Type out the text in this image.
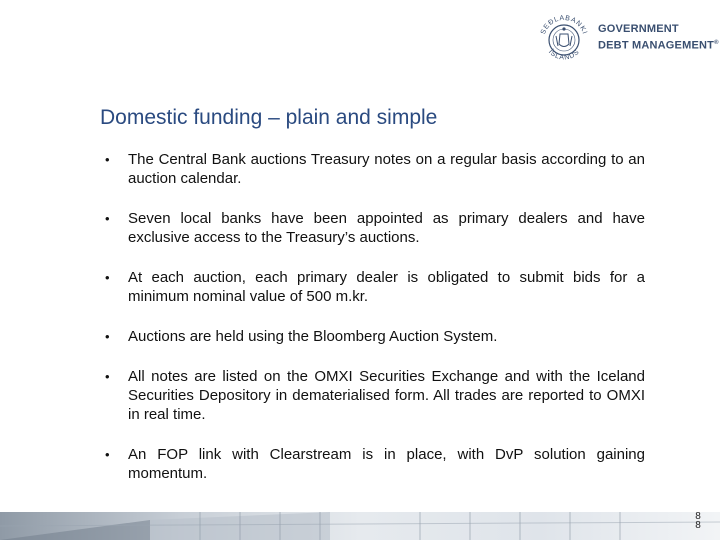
SEÐLABANKI
ÍSLANDS
GOVERNMENT
DEBT MANAGEMENT®
Domestic funding – plain and simple
• The Central Bank auctions Treasury notes on a regular basis according to an auction calendar.
• Seven local banks have been appointed as primary dealers and have exclusive access to the Treasury’s auctions.
• At each auction, each primary dealer is obligated to submit bids for a minimum nominal value of 500 m.kr.
• Auctions are held using the Bloomberg Auction System.
• All notes are listed on the OMXI Securities Exchange and with the Iceland Securities Depository in dematerialised form. All trades are reported to OMXI in real time.
• An FOP link with Clearstream is in place, with DvP solution gaining momentum.
8
8
